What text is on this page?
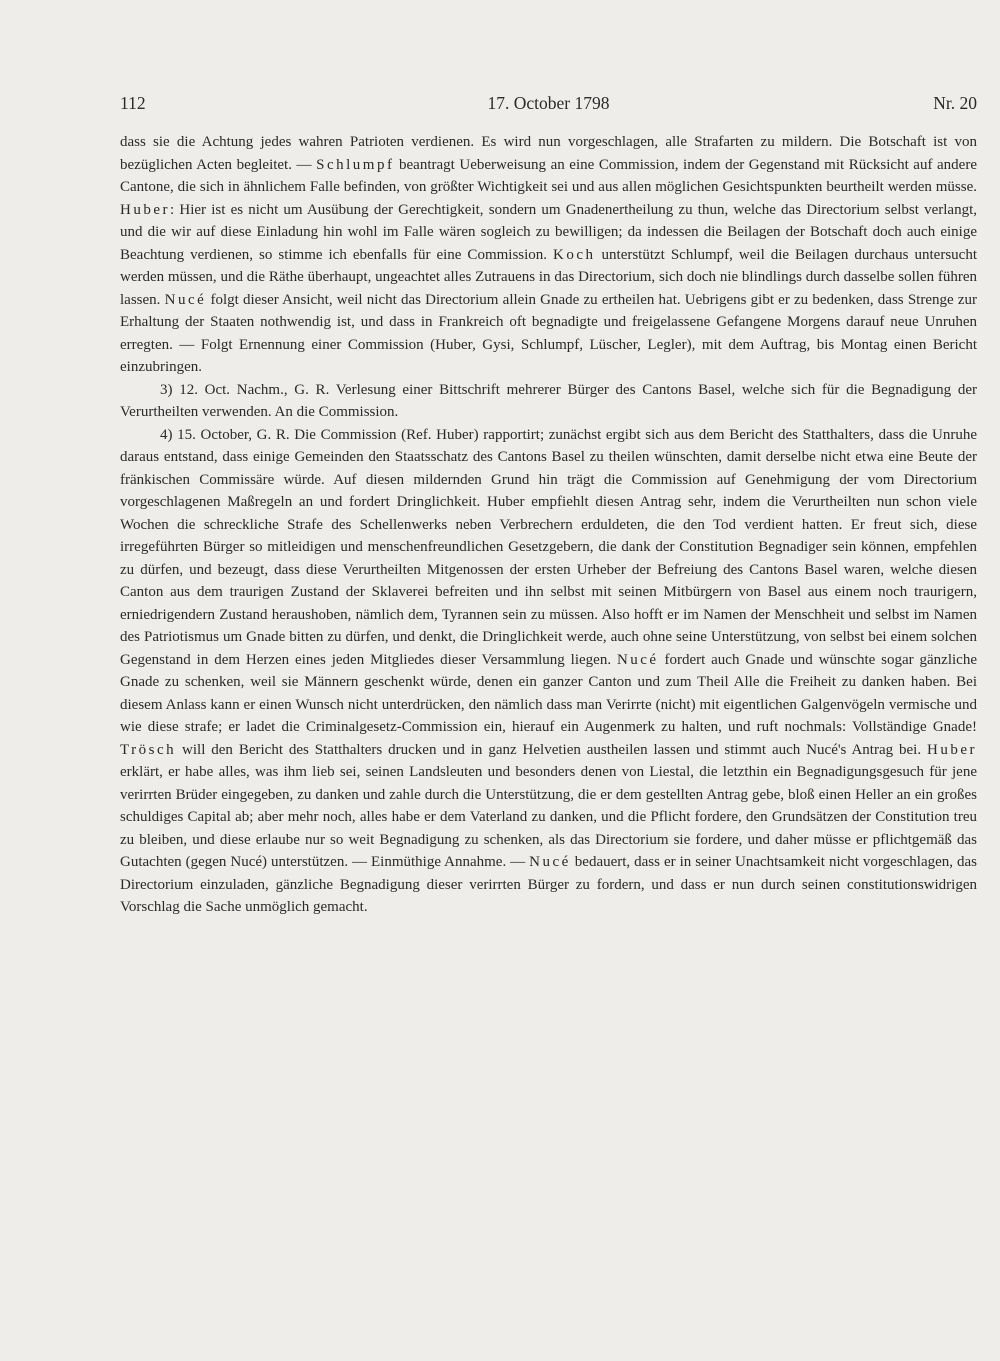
112	17. October 1798	Nr. 20

dass sie die Achtung jedes wahren Patrioten verdienen. Es wird nun vorgeschlagen, alle Strafarten zu mildern. Die Botschaft ist von bezüglichen Acten begleitet. — Schlumpf beantragt Ueberweisung an eine Commission, indem der Gegenstand mit Rücksicht auf andere Cantone, die sich in ähnlichem Falle befinden, von größter Wichtigkeit sei und aus allen möglichen Gesichtspunkten beurtheilt werden müsse. Huber: Hier ist es nicht um Ausübung der Gerechtigkeit, sondern um Gnadenertheilung zu thun, welche das Directorium selbst verlangt, und die wir auf diese Einladung hin wohl im Falle wären sogleich zu bewilligen; da indessen die Beilagen der Botschaft doch auch einige Beachtung verdienen, so stimme ich ebenfalls für eine Commission. Koch unterstützt Schlumpf, weil die Beilagen durchaus untersucht werden müssen, und die Räthe überhaupt, ungeachtet alles Zutrauens in das Directorium, sich doch nie blindlings durch dasselbe sollen führen lassen. Nucé folgt dieser Ansicht, weil nicht das Directorium allein Gnade zu ertheilen hat. Uebrigens gibt er zu bedenken, dass Strenge zur Erhaltung der Staaten nothwendig ist, und dass in Frankreich oft begnadigte und freigelassene Gefangene Morgens darauf neue Unruhen erregten. — Folgt Ernennung einer Commission (Huber, Gysi, Schlumpf, Lüscher, Legler), mit dem Auftrag, bis Montag einen Bericht einzubringen.

3) 12. Oct. Nachm., G. R. Verlesung einer Bittschrift mehrerer Bürger des Cantons Basel, welche sich für die Begnadigung der Verurtheilten verwenden. An die Commission.

4) 15. October, G. R. Die Commission (Ref. Huber) rapportirt; zunächst ergibt sich aus dem Bericht des Statthalters, dass die Unruhe daraus entstand, dass einige Gemeinden den Staatsschatz des Cantons Basel zu theilen wünschten, damit derselbe nicht etwa eine Beute der fränkischen Commissäre würde. Auf diesen mildernden Grund hin trägt die Commission auf Genehmigung der vom Directorium vorgeschlagenen Maßregeln an und fordert Dringlichkeit. Huber empfiehlt diesen Antrag sehr, indem die Verurtheilten nun schon viele Wochen die schreckliche Strafe des Schellenwerks neben Verbrechern erduldeten, die den Tod verdient hatten. Er freut sich, diese irregeführten Bürger so mitleidigen und menschenfreundlichen Gesetzgebern, die dank der Constitution Begnadiger sein können, empfehlen zu dürfen, und bezeugt, dass diese Verurtheilten Mitgenossen der ersten Urheber der Befreiung des Cantons Basel waren, welche diesen Canton aus dem traurigen Zustand der Sklaverei befreiten und ihn selbst mit seinen Mitbürgern von Basel aus einem noch traurigern, erniedrigendern Zustand heraushoben, nämlich dem, Tyrannen sein zu müssen. Also hofft er im Namen der Menschheit und selbst im Namen des Patriotismus um Gnade bitten zu dürfen, und denkt, die Dringlichkeit werde, auch ohne seine Unterstützung, von selbst bei einem solchen Gegenstand in dem Herzen eines jeden Mitgliedes dieser Versammlung liegen. Nucé fordert auch Gnade und wünschte sogar gänzliche Gnade zu schenken, weil sie Männern geschenkt würde, denen ein ganzer Canton und zum Theil Alle die Freiheit zu danken haben. Bei diesem Anlass kann er einen Wunsch nicht unterdrücken, den nämlich dass man Verirrte (nicht) mit eigentlichen Galgenvögeln vermische und wie diese strafe; er ladet die Criminalgesetz-Commission ein, hierauf ein Augenmerk zu halten, und ruft nochmals: Vollständige Gnade! Trösch will den Bericht des Statthalters drucken und in ganz Helvetien austheilen lassen und stimmt auch Nucé's Antrag bei. Huber erklärt, er habe alles, was ihm lieb sei, seinen Landsleuten und besonders denen von Liestal, die letzthin ein Begnadigungsgesuch für jene verirrten Brüder eingegeben, zu danken und zahle durch die Unterstützung, die er dem gestellten Antrag gebe, bloß einen Heller an ein großes schuldiges Capital ab; aber mehr noch, alles habe er dem Vaterland zu danken, und die Pflicht fordere, den Grundsätzen der Constitution treu zu bleiben, und diese erlaube nur so weit Begnadigung zu schenken, als das Directorium sie fordere, und daher müsse er pflichtgemäß das Gutachten (gegen Nucé) unterstützen. — Einmüthige Annahme. — Nucé bedauert, dass er in seiner Unachtsamkeit nicht vorgeschlagen, das Directorium einzuladen, gänzliche Begnadigung dieser verirrten Bürger zu fordern, und dass er nun durch seinen constitutionswidrigen Vorschlag die Sache unmöglich gemacht.
